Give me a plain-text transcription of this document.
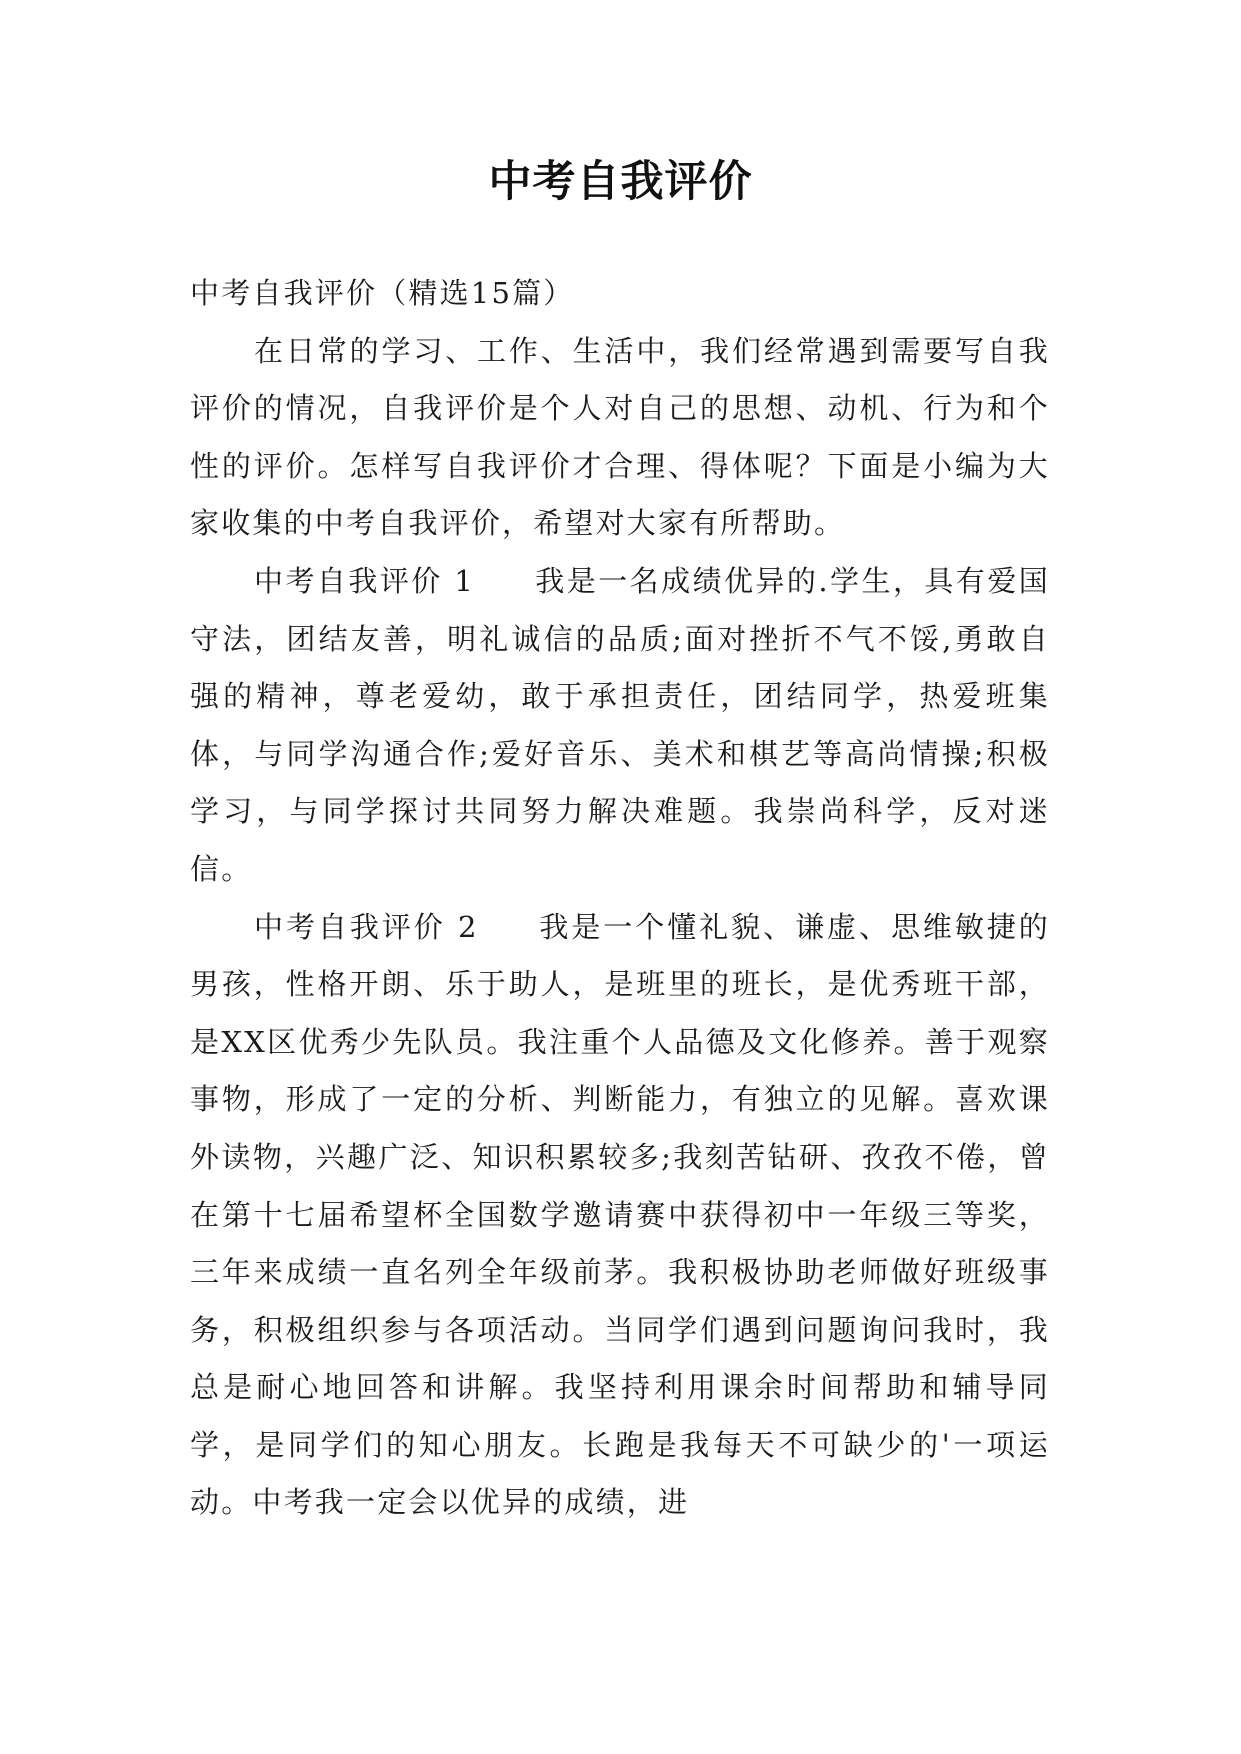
中考自我评价

中考自我评价（精选15篇）

在日常的学习、工作、生活中，我们经常遇到需要写自我评价的情况，自我评价是个人对自己的思想、动机、行为和个性的评价。怎样写自我评价才合理、得体呢？下面是小编为大家收集的中考自我评价，希望对大家有所帮助。

中考自我评价 1 我是一名成绩优异的.学生，具有爱国守法，团结友善，明礼诚信的品质;面对挫折不气不馁,勇敢自强的精神，尊老爱幼，敢于承担责任，团结同学，热爱班集体，与同学沟通合作;爱好音乐、美术和棋艺等高尚情操;积极学习，与同学探讨共同努力解决难题。我崇尚科学，反对迷信。

中考自我评价 2 我是一个懂礼貌、谦虚、思维敏捷的男孩，性格开朗、乐于助人，是班里的班长，是优秀班干部，是XX区优秀少先队员。我注重个人品德及文化修养。善于观察事物，形成了一定的分析、判断能力，有独立的见解。喜欢课外读物，兴趣广泛、知识积累较多;我刻苦钻研、孜孜不倦，曾在第十七届希望杯全国数学邀请赛中获得初中一年级三等奖，三年来成绩一直名列全年级前茅。我积极协助老师做好班级事务，积极组织参与各项活动。当同学们遇到问题询问我时，我总是耐心地回答和讲解。我坚持利用课余时间帮助和辅导同学，是同学们的知心朋友。长跑是我每天不可缺少的'一项运动。中考我一定会以优异的成绩，进
